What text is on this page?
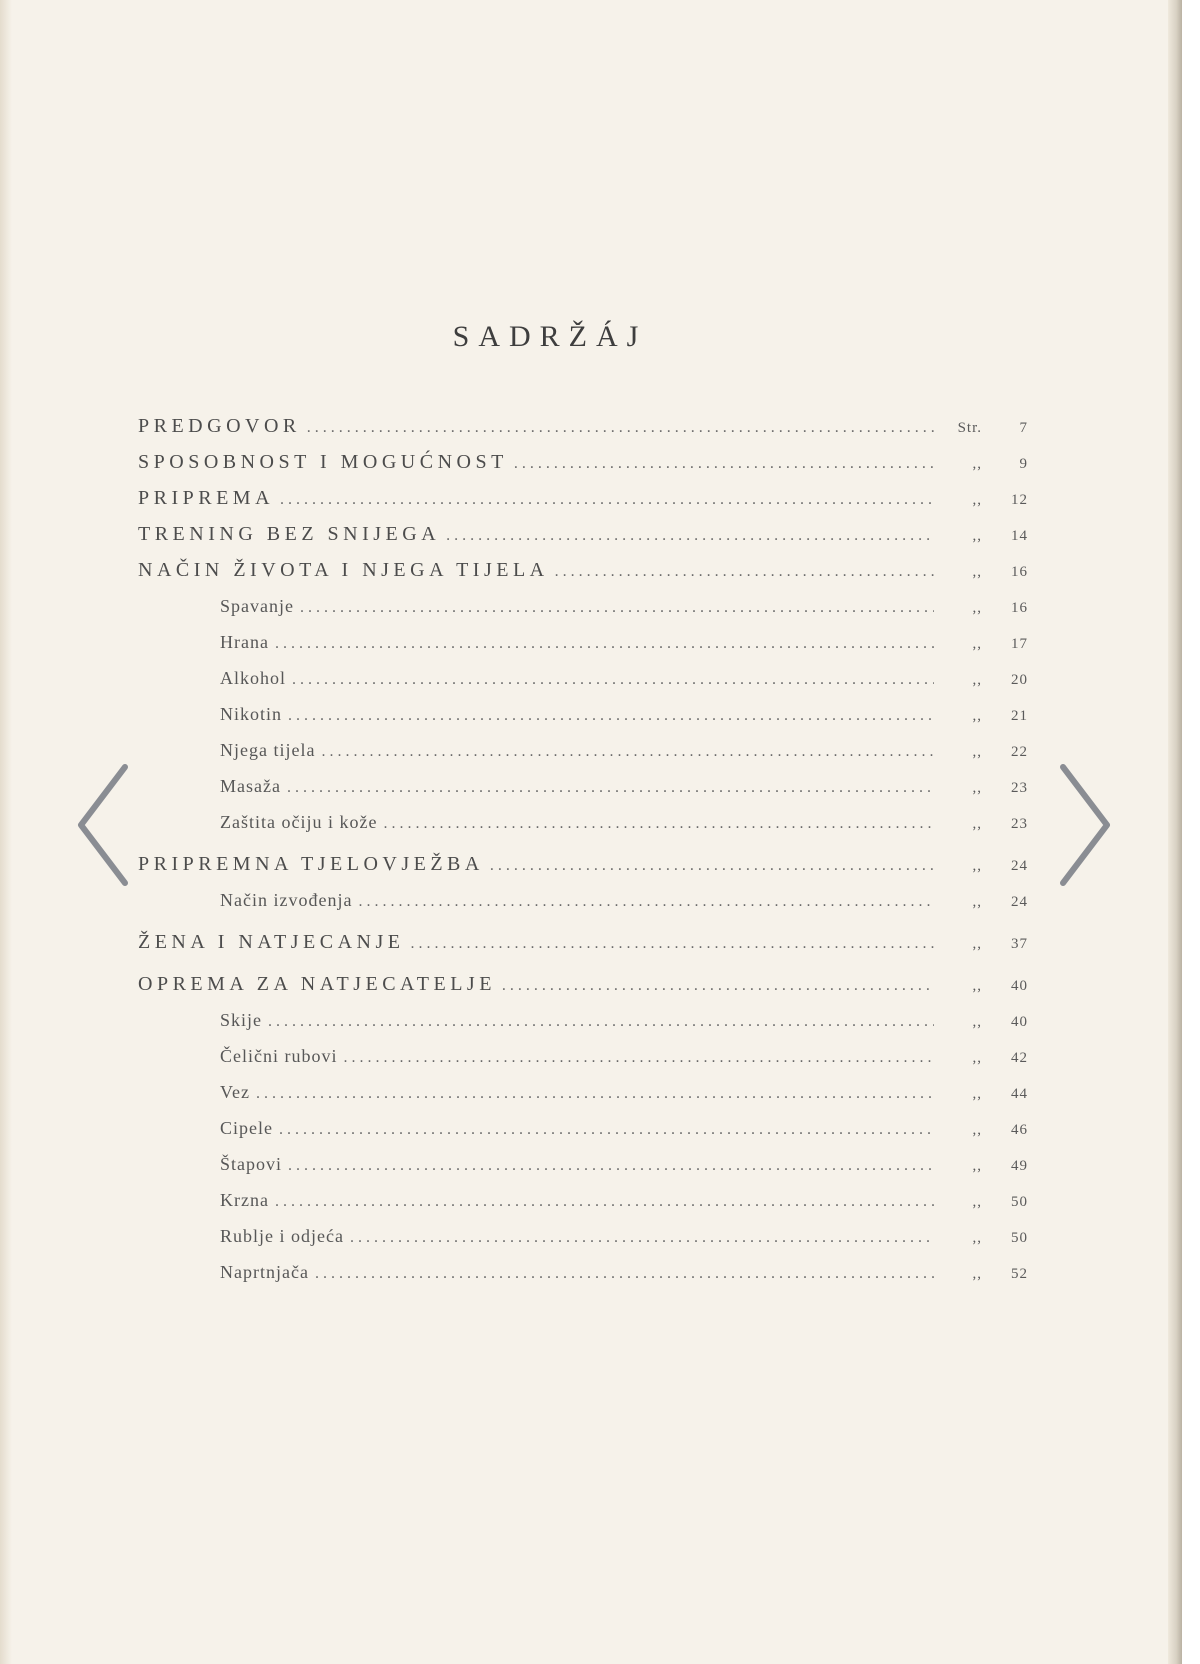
SADRŽÁJ
PREDGOVOR . . .	Str.	7
SPOSOBNOST I MOGUĆNOST . . .	,,	9
PRIPREMA . . .	,,	12
TRENING BEZ SNIJEGA . . .	,,	14
NAČIN ŽIVOTA I NJEGA TIJELA . . .	,,	16
Spavanje . . .	,,	16
Hrana . . .	,,	17
Alkohol . . .	,,	20
Nikotin . . .	,,	21
Njega tijela . . .	,,	22
Masaža . . .	,,	23
Zaštita očiju i kože . . .	,,	23
PRIPREMNA TJELOVJEŽBA . . .	,,	24
Način izvođenja . . .	,,	24
ŽENA I NATJECANJE . . .	,,	37
OPREMA ZA NATJECATELJE . . .	,,	40
Skije . . .	,,	40
Čelični rubovi . . .	,,	42
Vez . . .	,,	44
Cipele . . .	,,	46
Štapovi . . .	,,	49
Krzna . . .	,,	50
Rublje i odjeća . . .	,,	50
Naprtnjača . . .	,,	52
